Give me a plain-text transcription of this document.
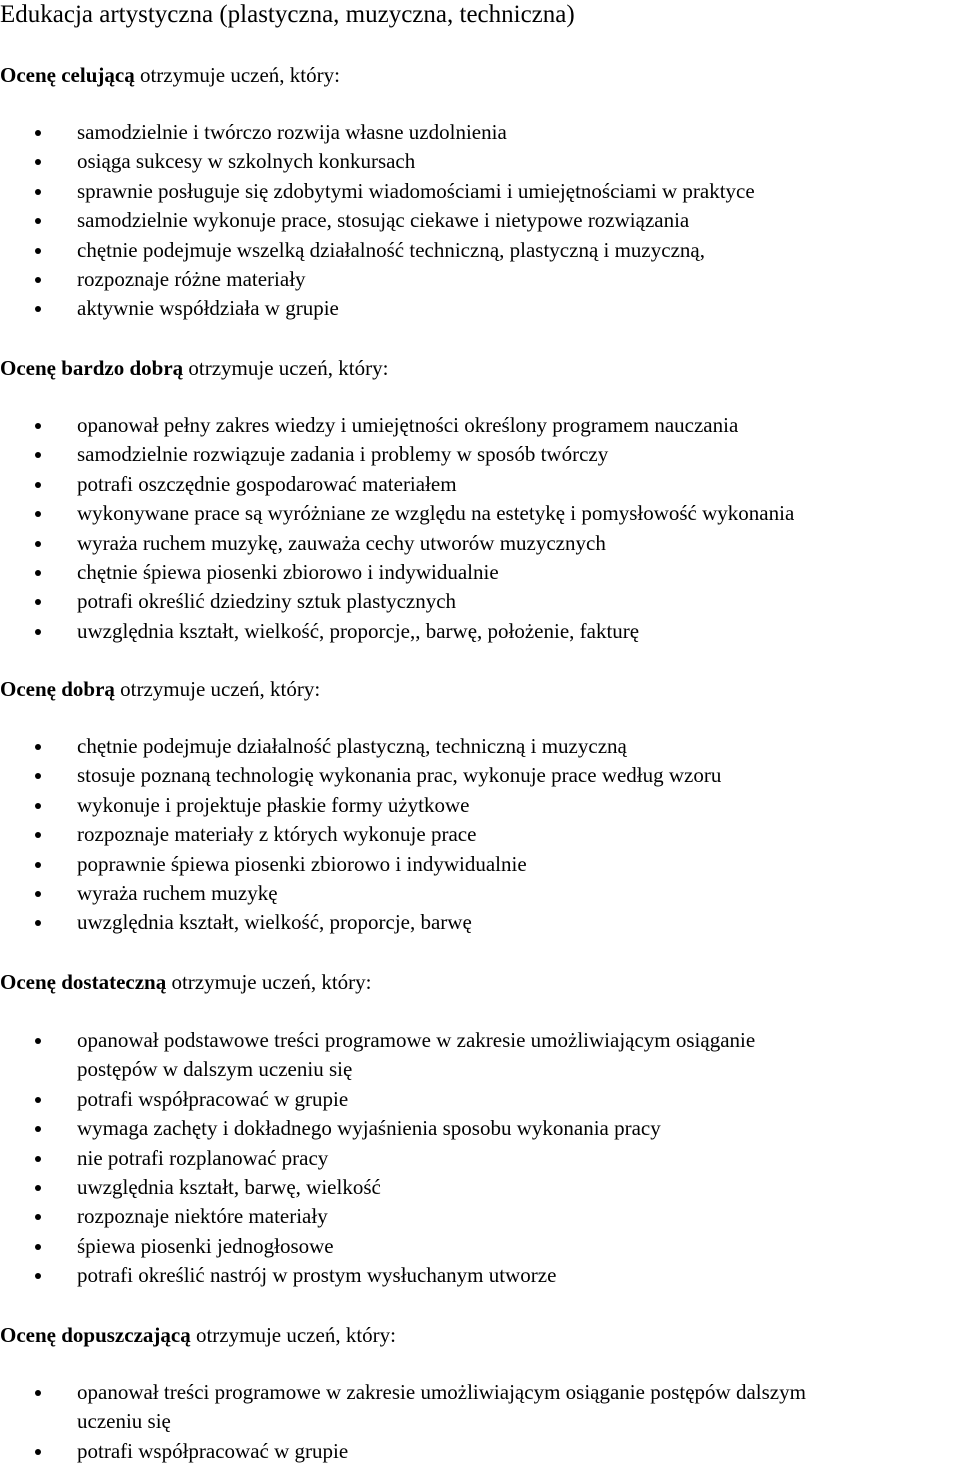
Edukacja artystyczna (plastyczna, muzyczna, techniczna)
Ocenę celującą otrzymuje uczeń, który:
samodzielnie i twórczo rozwija własne uzdolnienia
osiąga sukcesy w szkolnych konkursach
sprawnie posługuje się zdobytymi wiadomościami i umiejętnościami w praktyce
samodzielnie wykonuje prace, stosując ciekawe i nietypowe rozwiązania
chętnie podejmuje wszelką działalność techniczną, plastyczną i muzyczną,
rozpoznaje różne materiały
aktywnie współdziała w grupie
Ocenę bardzo dobrą otrzymuje uczeń, który:
opanował pełny zakres wiedzy i umiejętności określony programem nauczania
samodzielnie rozwiązuje zadania i problemy w sposób twórczy
potrafi oszczędnie gospodarować materiałem
wykonywane prace są wyróżniane ze względu na estetykę i pomysłowość wykonania
wyraża ruchem muzykę, zauważa cechy utworów muzycznych
chętnie śpiewa piosenki zbiorowo i indywidualnie
potrafi określić dziedziny sztuk plastycznych
uwzględnia kształt, wielkość, proporcje,, barwę, położenie, fakturę
Ocenę dobrą otrzymuje uczeń, który:
chętnie podejmuje działalność plastyczną, techniczną i muzyczną
stosuje poznaną technologię wykonania prac, wykonuje prace według wzoru
wykonuje i projektuje płaskie formy użytkowe
rozpoznaje materiały z których wykonuje prace
poprawnie śpiewa piosenki zbiorowo i indywidualnie
wyraża ruchem muzykę
uwzględnia kształt, wielkość, proporcje, barwę
Ocenę dostateczną otrzymuje uczeń, który:
opanował podstawowe treści programowe w zakresie umożliwiającym osiąganie
postępów w dalszym uczeniu się
potrafi współpracować w grupie
wymaga zachęty i dokładnego wyjaśnienia sposobu wykonania pracy
nie potrafi rozplanować pracy
uwzględnia kształt, barwę, wielkość
rozpoznaje niektóre materiały
śpiewa piosenki jednogłosowe
potrafi określić nastrój w prostym wysłuchanym utworze
Ocenę dopuszczającą otrzymuje uczeń, który:
opanował treści programowe w zakresie umożliwiającym osiąganie postępów dalszym
uczeniu się
potrafi współpracować w grupie
